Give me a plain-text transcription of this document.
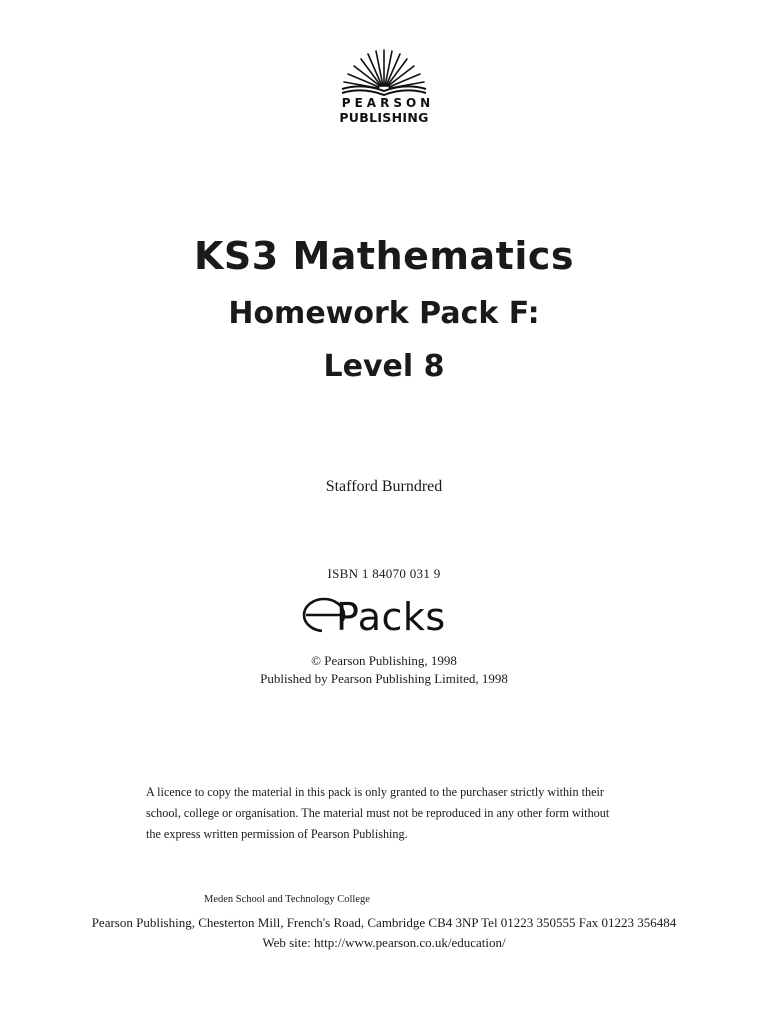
PEARSON
PUBLISHING
KS3 Mathematics
Homework Pack F:
Level 8
Stafford Burndred
ISBN 1 84070 031 9
Packs
© Pearson Publishing, 1998
Published by Pearson Publishing Limited, 1998
A licence to copy the material in this pack is only granted to the purchaser strictly within their
school, college or organisation. The material must not be reproduced in any other form without
the express written permission of Pearson Publishing.
Meden School and Technology College
Pearson Publishing, Chesterton Mill, French's Road, Cambridge CB4 3NP Tel 01223 350555 Fax 01223 356484
Web site: http://www.pearson.co.uk/education/
